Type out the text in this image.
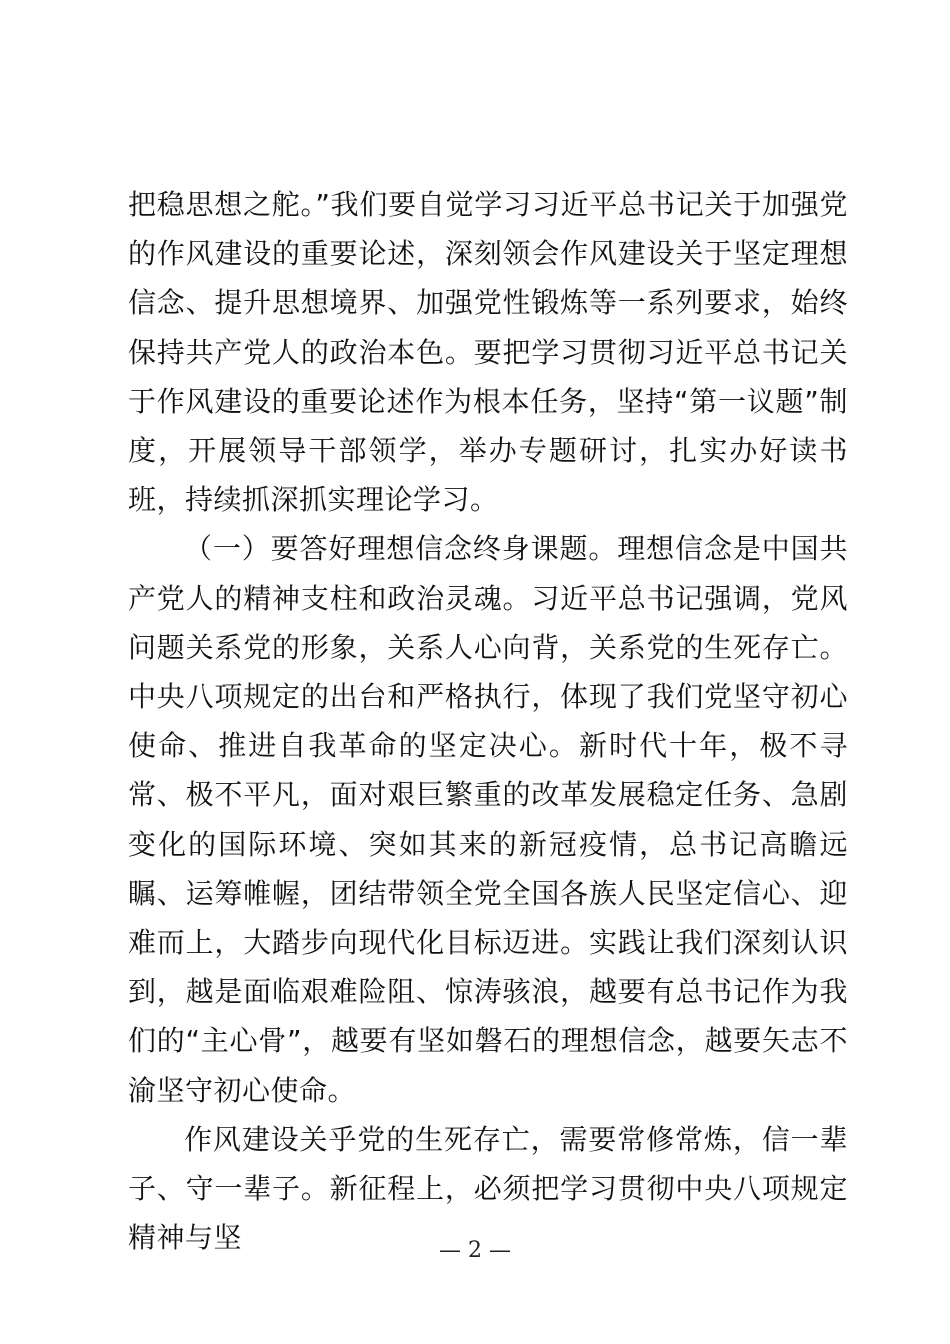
把稳思想之舵。”我们要自觉学习习近平总书记关于加强党的作风建设的重要论述，深刻领会作风建设关于坚定理想信念、提升思想境界、加强党性锻炼等一系列要求，始终保持共产党人的政治本色。要把学习贯彻习近平总书记关于作风建设的重要论述作为根本任务，坚持“第一议题”制度，开展领导干部领学，举办专题研讨，扎实办好读书班，持续抓深抓实理论学习。

（一）要答好理想信念终身课题。理想信念是中国共产党人的精神支柱和政治灵魂。习近平总书记强调，党风问题关系党的形象，关系人心向背，关系党的生死存亡。中央八项规定的出台和严格执行，体现了我们党坚守初心使命、推进自我革命的坚定决心。新时代十年，极不寻常、极不平凡，面对艰巨繁重的改革发展稳定任务、急剧变化的国际环境、突如其来的新冠疫情，总书记高瞻远瞩、运筹帷幄，团结带领全党全国各族人民坚定信心、迎难而上，大踏步向现代化目标迈进。实践让我们深刻认识到，越是面临艰难险阻、惊涛骇浪，越要有总书记作为我们的“主心骨”，越要有坚如磐石的理想信念，越要矢志不渝坚守初心使命。

作风建设关乎党的生死存亡，需要常修常炼，信一辈子、守一辈子。新征程上，必须把学习贯彻中央八项规定精神与坚	— 2 —
